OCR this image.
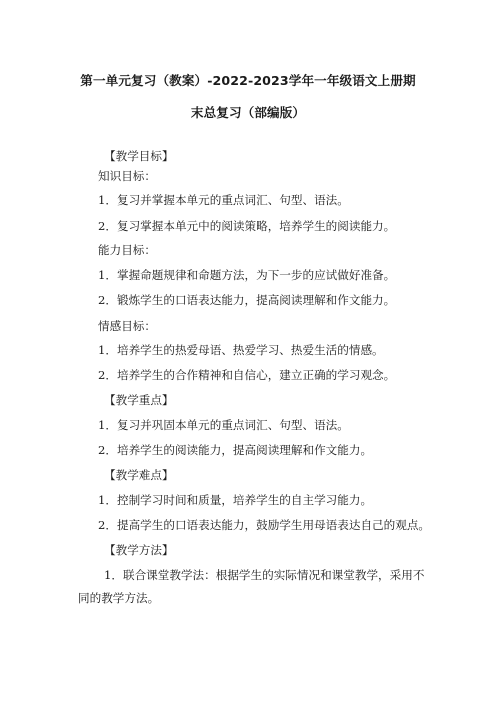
第一单元复习（教案）-2022-2023学年一年级语文上册期
末总复习（部编版）
【教学目标】
知识目标：
1．复习并掌握本单元的重点词汇、句型、语法。
2．复习掌握本单元中的阅读策略，培养学生的阅读能力。
能力目标：
1．掌握命题规律和命题方法，为下一步的应试做好准备。
2．锻炼学生的口语表达能力，提高阅读理解和作文能力。
情感目标：
1．培养学生的热爱母语、热爱学习、热爱生活的情感。
2．培养学生的合作精神和自信心，建立正确的学习观念。
【教学重点】
1．复习并巩固本单元的重点词汇、句型、语法。
2．培养学生的阅读能力，提高阅读理解和作文能力。
【教学难点】
1．控制学习时间和质量，培养学生的自主学习能力。
2．提高学生的口语表达能力，鼓励学生用母语表达自己的观点。
【教学方法】
1．联合课堂教学法：根据学生的实际情况和课堂教学，采用不
同的教学方法。
